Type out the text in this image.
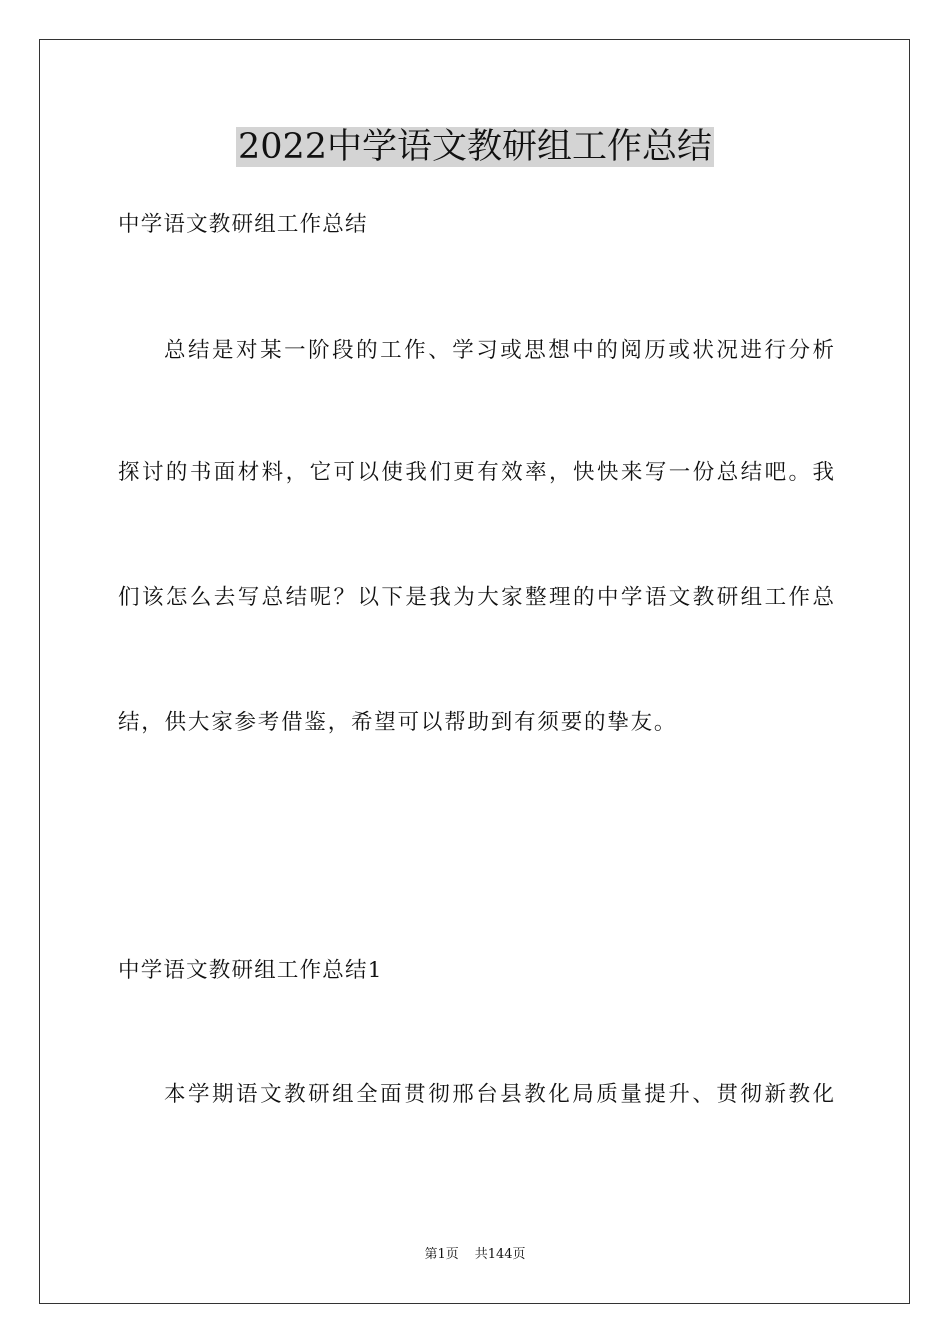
2022中学语文教研组工作总结
中学语文教研组工作总结
总结是对某一阶段的工作、学习或思想中的阅历或状况进行分析
探讨的书面材料，它可以使我们更有效率，快快来写一份总结吧。我
们该怎么去写总结呢？以下是我为大家整理的中学语文教研组工作总
结，供大家参考借鉴，希望可以帮助到有须要的挚友。
中学语文教研组工作总结1
本学期语文教研组全面贯彻邢台县教化局质量提升、贯彻新教化
第1页 共144页
